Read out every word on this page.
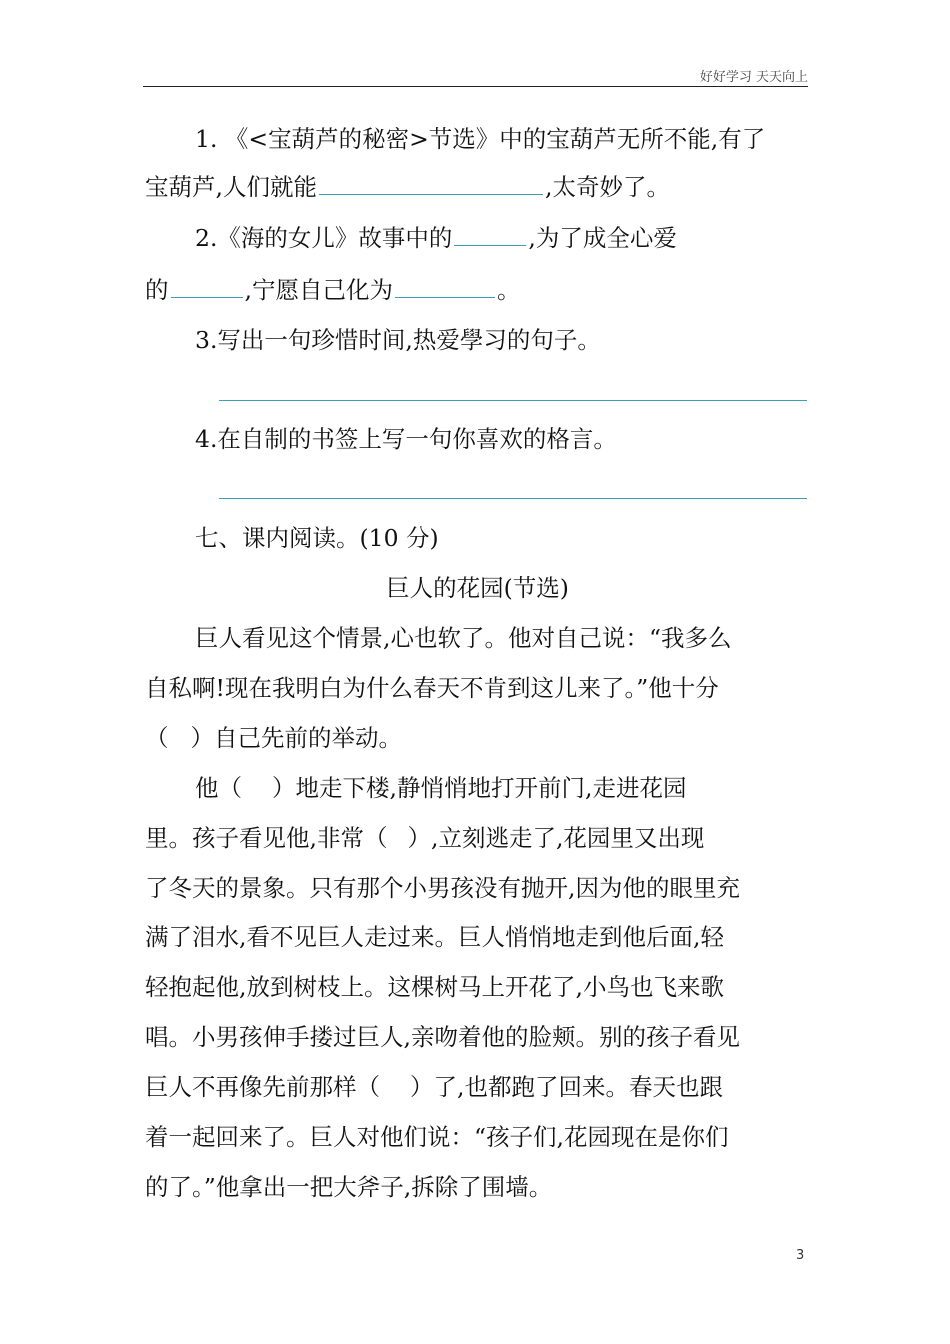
好好学习 天天向上
1. 《<宝葫芦的秘密>节选》中的宝葫芦无所不能,有了
宝葫芦,人们就能	,太奇妙了。
2.《海的女儿》故事中的	,为了成全心爱
的	,宁愿自己化为	。
3.写出一句珍惜时间,热爱學习的句子。
4.在自制的书签上写一句你喜欢的格言。
七、课内阅读。(10 分)
巨人的花园(节选)
巨人看见这个情景,心也软了。他对自己说：“我多么
自私啊!现在我明白为什么春天不肯到这儿来了。”他十分
（ ）自己先前的举动。
他（ ）地走下楼,静悄悄地打开前门,走进花园
里。孩子看见他,非常（ ）,立刻逃走了,花园里又出现
了冬天的景象。只有那个小男孩没有抛开,因为他的眼里充
满了泪水,看不见巨人走过来。巨人悄悄地走到他后面,轻
轻抱起他,放到树枝上。这棵树马上开花了,小鸟也飞来歌
唱。小男孩伸手搂过巨人,亲吻着他的脸颊。别的孩子看见
巨人不再像先前那样（ ）了,也都跑了回来。春天也跟
着一起回来了。巨人对他们说：“孩子们,花园现在是你们
的了。”他拿出一把大斧子,拆除了围墙。
3
